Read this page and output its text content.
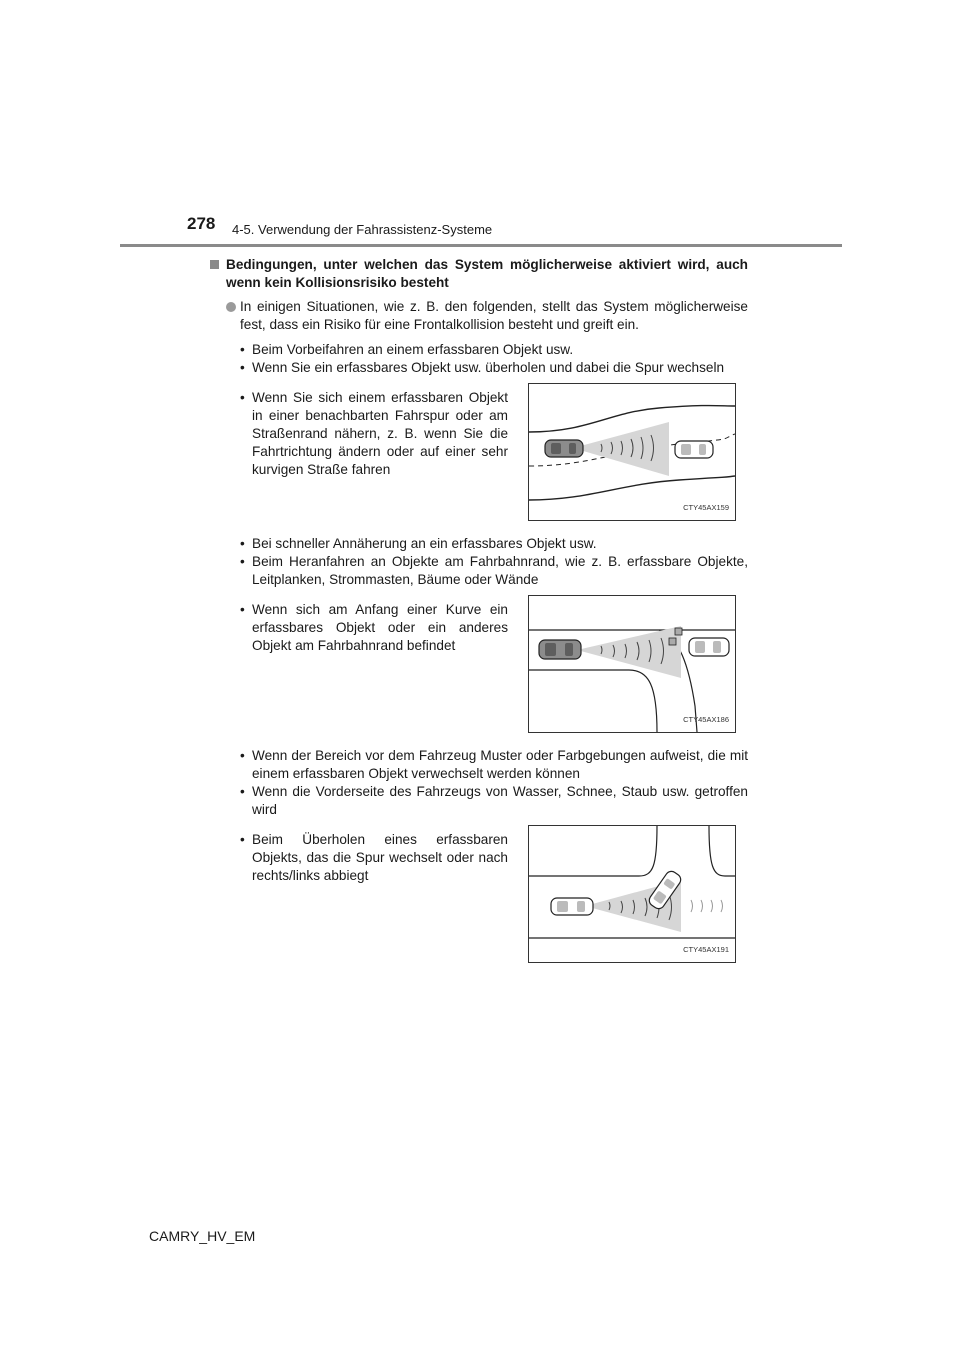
278 4-5. Verwendung der Fahrassistenz-Systeme
Bedingungen, unter welchen das System möglicherweise aktiviert wird, auch wenn kein Kollisionsrisiko besteht
In einigen Situationen, wie z. B. den folgenden, stellt das System möglicherweise fest, dass ein Risiko für eine Frontalkollision besteht und greift ein.
• Beim Vorbeifahren an einem erfassbaren Objekt usw.
• Wenn Sie ein erfassbares Objekt usw. überholen und dabei die Spur wechseln
• Wenn Sie sich einem erfassbaren Objekt in einer benachbarten Fahrspur oder am Straßenrand nähern, z. B. wenn Sie die Fahrtrichtung ändern oder auf einer sehr kurvigen Straße fahren
CTY45AX159
• Bei schneller Annäherung an ein erfassbares Objekt usw.
• Beim Heranfahren an Objekte am Fahrbahnrand, wie z. B. erfassbare Objekte, Leitplanken, Strommasten, Bäume oder Wände
• Wenn sich am Anfang einer Kurve ein erfassbares Objekt oder ein anderes Objekt am Fahrbahnrand befindet
CTY45AX186
• Wenn der Bereich vor dem Fahrzeug Muster oder Farbgebungen aufweist, die mit einem erfassbaren Objekt verwechselt werden können
• Wenn die Vorderseite des Fahrzeugs von Wasser, Schnee, Staub usw. getroffen wird
• Beim Überholen eines erfassbaren Objekts, das die Spur wechselt oder nach rechts/links abbiegt
CTY45AX191
CAMRY_HV_EM
